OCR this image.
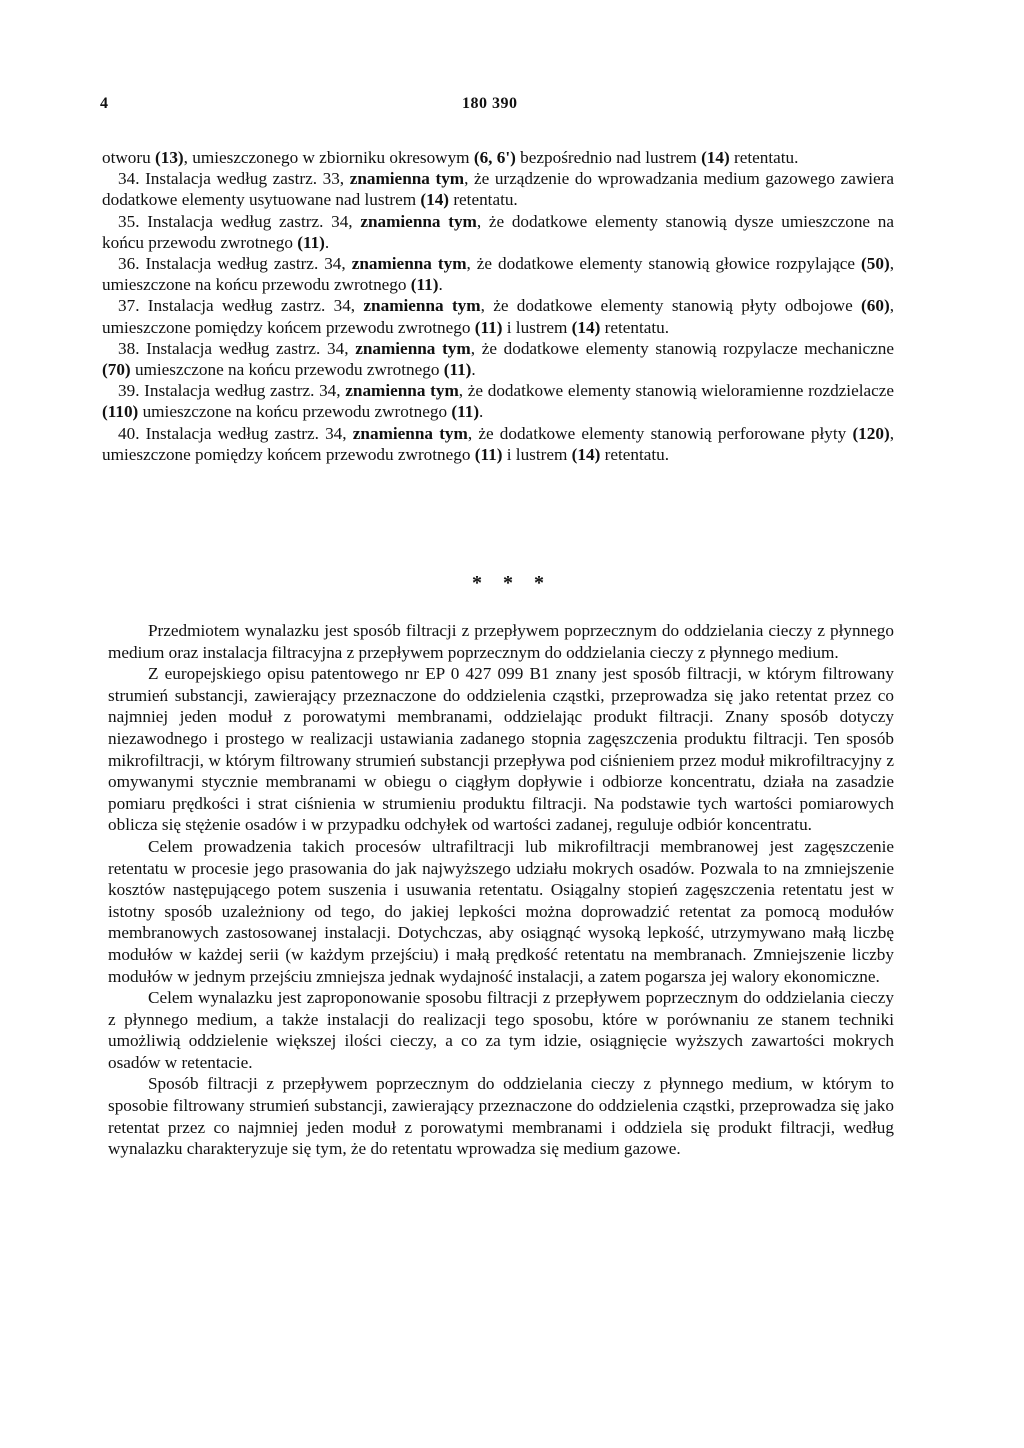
4	180 390

otworu (13), umieszczonego w zbiorniku okresowym (6, 6') bezpośrednio nad lustrem (14) retentatu.

34. Instalacja według zastrz. 33, znamienna tym, że urządzenie do wprowadzania medium gazowego zawiera dodatkowe elementy usytuowane nad lustrem (14) retentatu.

35. Instalacja według zastrz. 34, znamienna tym, że dodatkowe elementy stanowią dysze umieszczone na końcu przewodu zwrotnego (11).

36. Instalacja według zastrz. 34, znamienna tym, że dodatkowe elementy stanowią głowice rozpylające (50), umieszczone na końcu przewodu zwrotnego (11).

37. Instalacja według zastrz. 34, znamienna tym, że dodatkowe elementy stanowią płyty odbojowe (60), umieszczone pomiędzy końcem przewodu zwrotnego (11) i lustrem (14) retentatu.

38. Instalacja według zastrz. 34, znamienna tym, że dodatkowe elementy stanowią rozpylacze mechaniczne (70) umieszczone na końcu przewodu zwrotnego (11).

39. Instalacja według zastrz. 34, znamienna tym, że dodatkowe elementy stanowią wieloramienne rozdzielacze (110) umieszczone na końcu przewodu zwrotnego (11).

40. Instalacja według zastrz. 34, znamienna tym, że dodatkowe elementy stanowią perforowane płyty (120), umieszczone pomiędzy końcem przewodu zwrotnego (11) i lustrem (14) retentatu.

* * *

Przedmiotem wynalazku jest sposób filtracji z przepływem poprzecznym do oddzielania cieczy z płynnego medium oraz instalacja filtracyjna z przepływem poprzecznym do oddzielania cieczy z płynnego medium.

Z europejskiego opisu patentowego nr EP 0 427 099 B1 znany jest sposób filtracji, w którym filtrowany strumień substancji, zawierający przeznaczone do oddzielenia cząstki, przeprowadza się jako retentat przez co najmniej jeden moduł z porowatymi membranami, oddzielając produkt filtracji. Znany sposób dotyczy niezawodnego i prostego w realizacji ustawiania zadanego stopnia zagęszczenia produktu filtracji. Ten sposób mikrofiltracji, w którym filtrowany strumień substancji przepływa pod ciśnieniem przez moduł mikrofiltracyjny z omywanymi stycznie membranami w obiegu o ciągłym dopływie i odbiorze koncentratu, działa na zasadzie pomiaru prędkości i strat ciśnienia w strumieniu produktu filtracji. Na podstawie tych wartości pomiarowych oblicza się stężenie osadów i w przypadku odchyłek od wartości zadanej, reguluje odbiór koncentratu.

Celem prowadzenia takich procesów ultrafiltracji lub mikrofiltracji membranowej jest zagęszczenie retentatu w procesie jego prasowania do jak najwyższego udziału mokrych osadów. Pozwala to na zmniejszenie kosztów następującego potem suszenia i usuwania retentatu. Osiągalny stopień zagęszczenia retentatu jest w istotny sposób uzależniony od tego, do jakiej lepkości można doprowadzić retentat za pomocą modułów membranowych zastosowanej instalacji. Dotychczas, aby osiągnąć wysoką lepkość, utrzymywano małą liczbę modułów w każdej serii (w każdym przejściu) i małą prędkość retentatu na membranach. Zmniejszenie liczby modułów w jednym przejściu zmniejsza jednak wydajność instalacji, a zatem pogarsza jej walory ekonomiczne.

Celem wynalazku jest zaproponowanie sposobu filtracji z przepływem poprzecznym do oddzielania cieczy z płynnego medium, a także instalacji do realizacji tego sposobu, które w porównaniu ze stanem techniki umożliwią oddzielenie większej ilości cieczy, a co za tym idzie, osiągnięcie wyższych zawartości mokrych osadów w retentacie.

Sposób filtracji z przepływem poprzecznym do oddzielania cieczy z płynnego medium, w którym to sposobie filtrowany strumień substancji, zawierający przeznaczone do oddzielenia cząstki, przeprowadza się jako retentat przez co najmniej jeden moduł z porowatymi membranami i oddziela się produkt filtracji, według wynalazku charakteryzuje się tym, że do retentatu wprowadza się medium gazowe.
